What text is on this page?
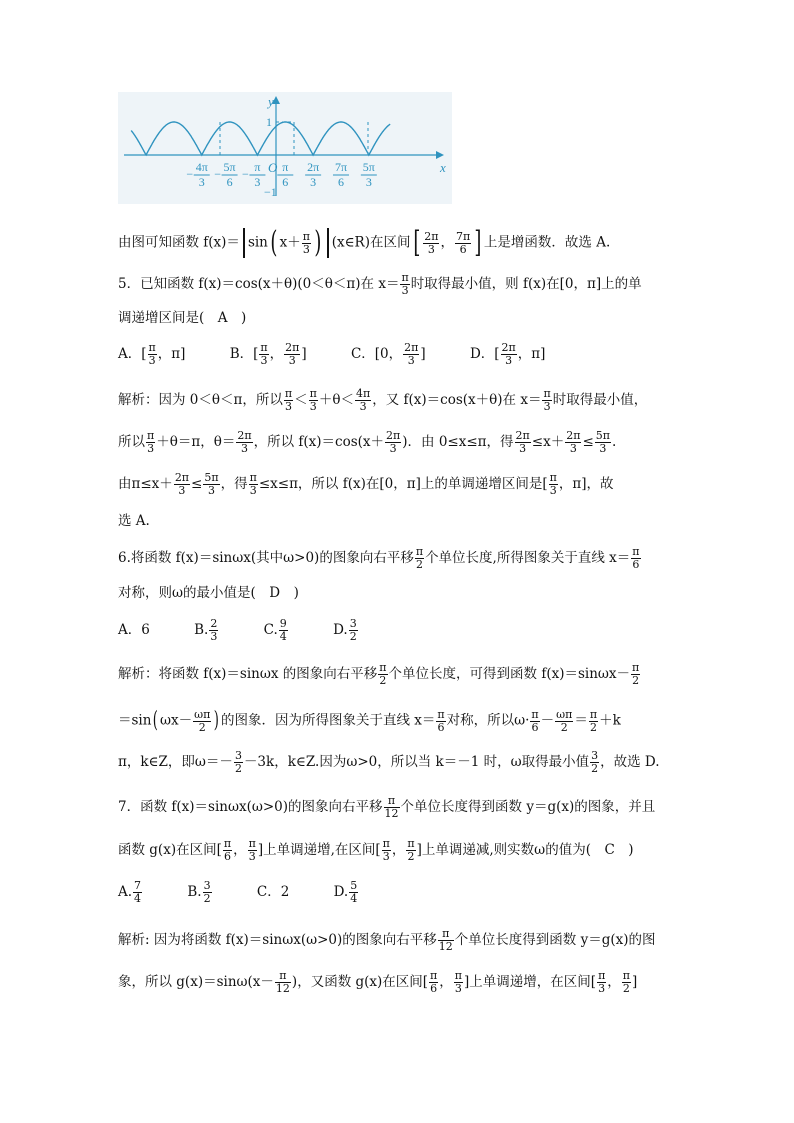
y
x
O
1
−1
4π
3
−	5π
6
−	π
3
−	π
6
2π
3
7π
6
5π
3
由图可知函数 f(x)＝ sin( $x+ \frac{\pi}{3}$ ) (x∈R)在区间[ $\frac{2\pi}{3}$ ， $\frac{7\pi}{6}$ ] 上是增函数．故选 A.
5．已知函数 f(x)＝cos(x＋θ)(0＜θ＜π)在 $x= \frac{\pi}{3}$ 时取得最小值，则 f(x)在[0，π]上的单
调递增区间是(　A　)
A．[ $\frac{\pi}{3}$ ，π]	B．[ $\frac{\pi}{3}$ ， $\frac{2\pi}{3}$ ]	C．[0， $\frac{2\pi}{3}$ ]	D．[ $\frac{2\pi}{3}$ ，π]
解析：因为 0＜θ＜π，所以 $\frac{\pi}{3} < \frac{\pi}{3} +\theta< \frac{4\pi}{3}$ ，又 f(x)＝cos(x＋θ)在 $x= \frac{\pi}{3}$ 时取得最小值，
所以 $\frac{\pi}{3} +\theta=\pi$，$\theta= \frac{2\pi}{3}$ ，所以 $f(x)=\cos(x+ \frac{2\pi}{3}$ )．由 0≤x≤π，得 $\frac{2\pi}{3} \le x+ \frac{2\pi}{3} \le \frac{5\pi}{3}$ .
由$\pi\le x+ \frac{2\pi}{3} \le \frac{5\pi}{3}$ ，得 $\frac{\pi}{3} \le x\le\pi$，所以 f(x)在[0，π]上的单调递增区间是[ $\frac{\pi}{3}$ ，π]，故
选 A.
6.将函数 f(x)＝sinωx(其中ω>0)的图象向右平移 $\frac{\pi}{2}$ 个单位长度,所得图象关于直线 $x= \frac{\pi}{6}$
对称，则ω的最小值是(　D　)
A．6	B. $\frac{2}{3}$	C. $\frac{9}{4}$	D. $\frac{3}{2}$
解析：将函数 f(x)＝sinωx 的图象向右平移 $\frac{\pi}{2}$ 个单位长度，可得到函数 $f(x)=\sin\omega x- \frac{\pi}{2}$
＝sin( $\omega x- \frac{\omega\pi}{2}$ ) 的图象．因为所得图象关于直线 $x= \frac{\pi}{6}$ 对称，所以$\omega\cdot \frac{\pi}{6} - \frac{\omega\pi}{2} = \frac{\pi}{2} +k$
π，k∈Z，即$\omega=- \frac{3}{2} -3k$，k∈Z.因为ω>0，所以当 k＝－1 时，ω取得最小值 $\frac{3}{2}$ ，故选 D.
7．函数 f(x)＝sinωx(ω>0)的图象向右平移 $\frac{\pi}{12}$ 个单位长度得到函数 y＝g(x)的图象，并且
函数 g(x)在区间[ $\frac{\pi}{6}$ ， $\frac{\pi}{3}$ ]上单调递增,在区间[ $\frac{\pi}{3}$ ， $\frac{\pi}{2}$ ]上单调递减,则实数ω的值为(　C　)
A. $\frac{7}{4}$	B. $\frac{3}{2}$	C．2	D. $\frac{5}{4}$
解析: 因为将函数 f(x)＝sinωx(ω>0)的图象向右平移 $\frac{\pi}{12}$ 个单位长度得到函数 y＝g(x)的图
象，所以 $g(x)=\sin\omega(x- \frac{\pi}{12}$ )，又函数 g(x)在区间[ $\frac{\pi}{6}$ ， $\frac{\pi}{3}$ ]上单调递增，在区间[ $\frac{\pi}{3}$ ， $\frac{\pi}{2}$ ]
